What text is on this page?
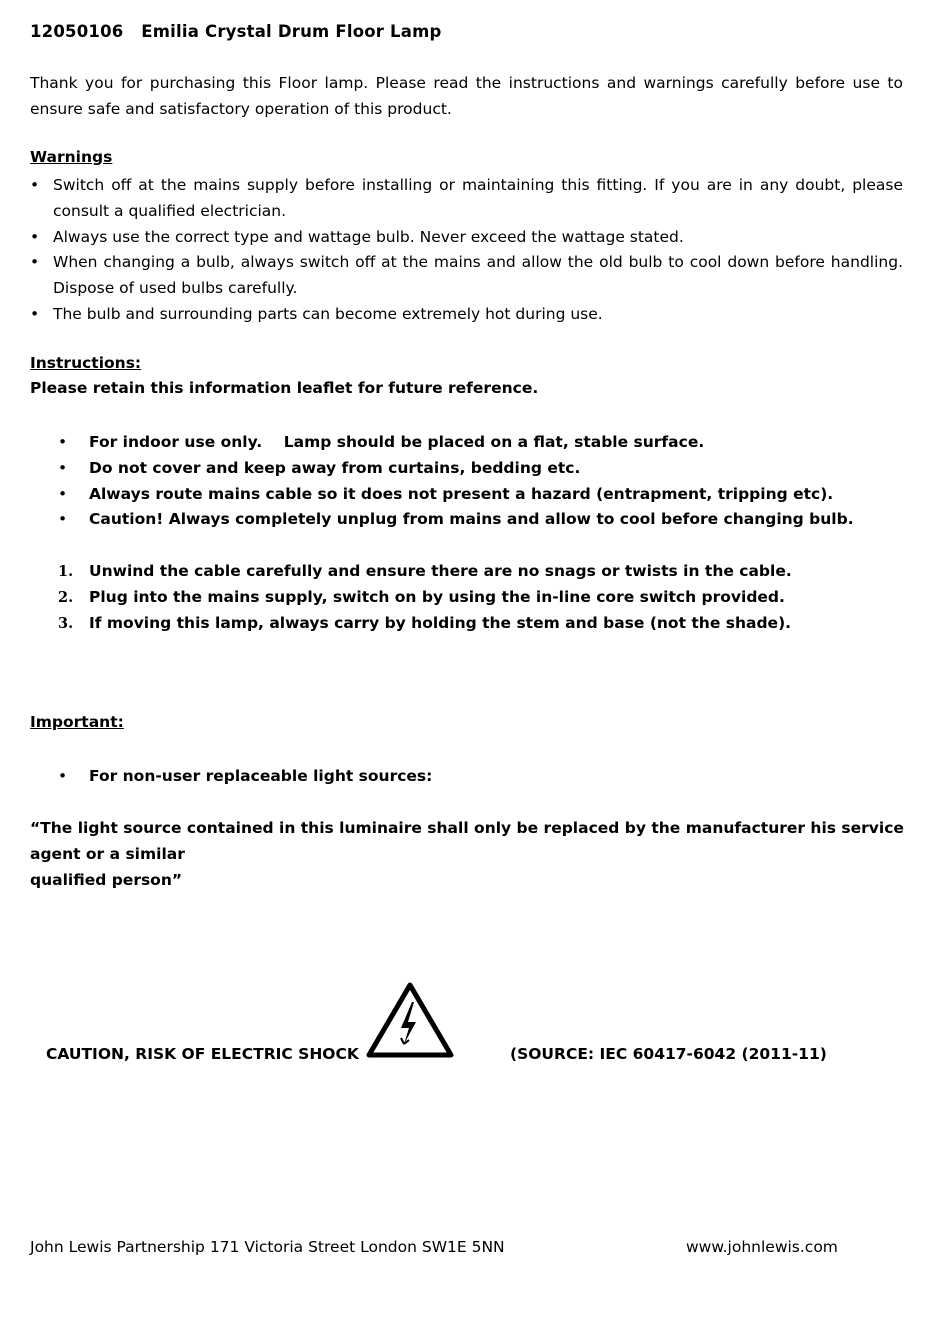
12050106 Emilia Crystal Drum Floor Lamp

Thank you for purchasing this Floor lamp. Please read the instructions and warnings carefully before use to ensure safe and satisfactory operation of this product.

Warnings
• Switch off at the mains supply before installing or maintaining this fitting. If you are in any doubt, please consult a qualified electrician.
• Always use the correct type and wattage bulb. Never exceed the wattage stated.
• When changing a bulb, always switch off at the mains and allow the old bulb to cool down before handling. Dispose of used bulbs carefully.
• The bulb and surrounding parts can become extremely hot during use.
Instructions:
Please retain this information leaflet for future reference.
• For indoor use only.    Lamp should be placed on a flat, stable surface.
• Do not cover and keep away from curtains, bedding etc.
• Always route mains cable so it does not present a hazard (entrapment, tripping etc).
• Caution! Always completely unplug from mains and allow to cool before changing bulb.
1. Unwind the cable carefully and ensure there are no snags or twists in the cable.
2. Plug into the mains supply, switch on by using the in-line core switch provided.
3. If moving this lamp, always carry by holding the stem and base (not the shade).
Important:
• For non-user replaceable light sources:
“The light source contained in this luminaire shall only be replaced by the manufacturer his service agent or a similar
qualified person”
CAUTION, RISK OF ELECTRIC SHOCK	(SOURCE: IEC 60417-6042 (2011-11)
John Lewis Partnership 171 Victoria Street London SW1E 5NN	www.johnlewis.com
